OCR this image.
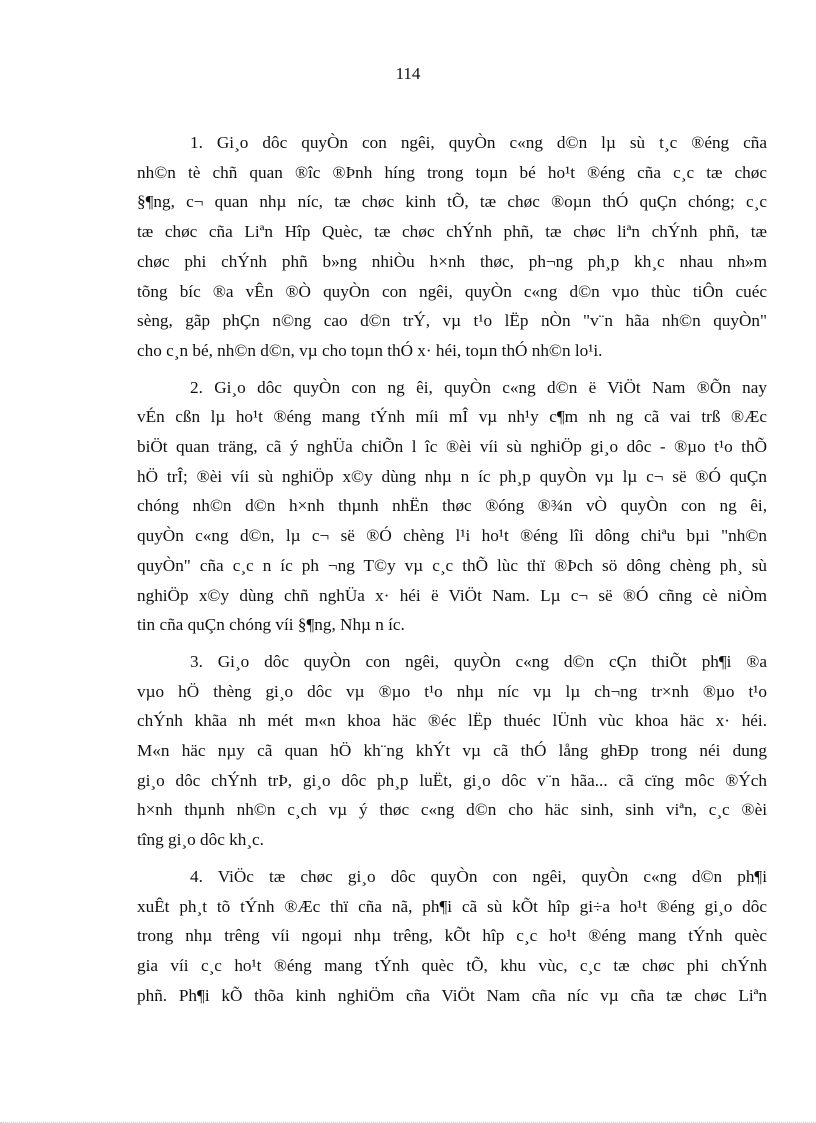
114

1. Gi¸o dôc quyÒn con ngêi, quyÒn c«ng d©n lµ sù t¸c ®éng cña
nh©n tè chñ quan ®îc ®Þnh híng trong toµn bé ho¹t ®éng cña c¸c tæ chøc
§¶ng, c¬ quan nhµ níc, tæ chøc kinh tÕ, tæ chøc ®oµn thÓ quÇn chóng; c¸c
tæ chøc cña Liªn Hîp Quèc, tæ chøc chÝnh phñ, tæ chøc liªn chÝnh phñ, tæ
chøc phi chÝnh phñ b»ng nhiÒu h×nh thøc, ph¬ng ph¸p kh¸c nhau nh»m
tõng bíc ®a vÊn ®Ò quyÒn con ngêi, quyÒn c«ng d©n vµo thùc tiÔn cuéc
sèng, gãp phÇn n©ng cao d©n trÝ, vµ t¹o lËp nÒn "v¨n hãa nh©n quyÒn"
cho c¸n bé, nh©n d©n, vµ cho toµn thÓ x· héi, toµn thÓ nh©n lo¹i.

2. Gi¸o dôc quyÒn con ng êi, quyÒn c«ng d©n ë ViÖt Nam ®Õn nay
vÉn cßn lµ ho¹t ®éng mang tÝnh míi mÎ vµ nh¹y c¶m nh ng cã vai trß ®Æc
biÖt quan träng, cã ý nghÜa chiÕn l îc ®èi víi sù nghiÖp gi¸o dôc - ®µo t¹o thÕ
hÖ trÎ; ®èi víi sù nghiÖp x©y dùng nhµ n íc ph¸p quyÒn vµ lµ c¬ së ®Ó quÇn
chóng nh©n d©n h×nh thµnh nhËn thøc ®óng ®¾n vÒ quyÒn con ng êi,
quyÒn c«ng d©n, lµ c¬ së ®Ó chèng l¹i ho¹t ®éng lîi dông chiªu bµi "nh©n
quyÒn" cña c¸c n íc ph ¬ng T©y vµ c¸c thÕ lùc thï ®Þch sö dông chèng ph¸ sù
nghiÖp x©y dùng chñ nghÜa x· héi ë ViÖt Nam. Lµ c¬ së ®Ó cñng cè niÒm
tin cña quÇn chóng víi §¶ng, Nhµ n íc.

3. Gi¸o dôc quyÒn con ngêi, quyÒn c«ng d©n cÇn thiÕt ph¶i ®a
vµo hÖ thèng gi¸o dôc vµ ®µo t¹o nhµ níc vµ lµ ch¬ng tr×nh ®µo t¹o
chÝnh khãa nh mét m«n khoa häc ®éc lËp thuéc lÜnh vùc khoa häc x· héi.
M«n häc nµy cã quan hÖ kh¨ng khÝt vµ cã thÓ lång ghÐp trong néi dung
gi¸o dôc chÝnh trÞ, gi¸o dôc ph¸p luËt, gi¸o dôc v¨n hãa... cã cïng môc ®Ých
h×nh thµnh nh©n c¸ch vµ ý thøc c«ng d©n cho häc sinh, sinh viªn, c¸c ®èi
tîng gi¸o dôc kh¸c.

4. ViÖc tæ chøc gi¸o dôc quyÒn con ngêi, quyÒn c«ng d©n ph¶i
xuÊt ph¸t tõ tÝnh ®Æc thï cña nã, ph¶i cã sù kÕt hîp gi÷a ho¹t ®éng gi¸o dôc
trong nhµ trêng víi ngoµi nhµ trêng, kÕt hîp c¸c ho¹t ®éng mang tÝnh quèc
gia víi c¸c ho¹t ®éng mang tÝnh quèc tÕ, khu vùc, c¸c tæ chøc phi chÝnh
phñ. Ph¶i kÕ thõa kinh nghiÖm cña ViÖt Nam cña níc vµ cña tæ chøc Liªn
